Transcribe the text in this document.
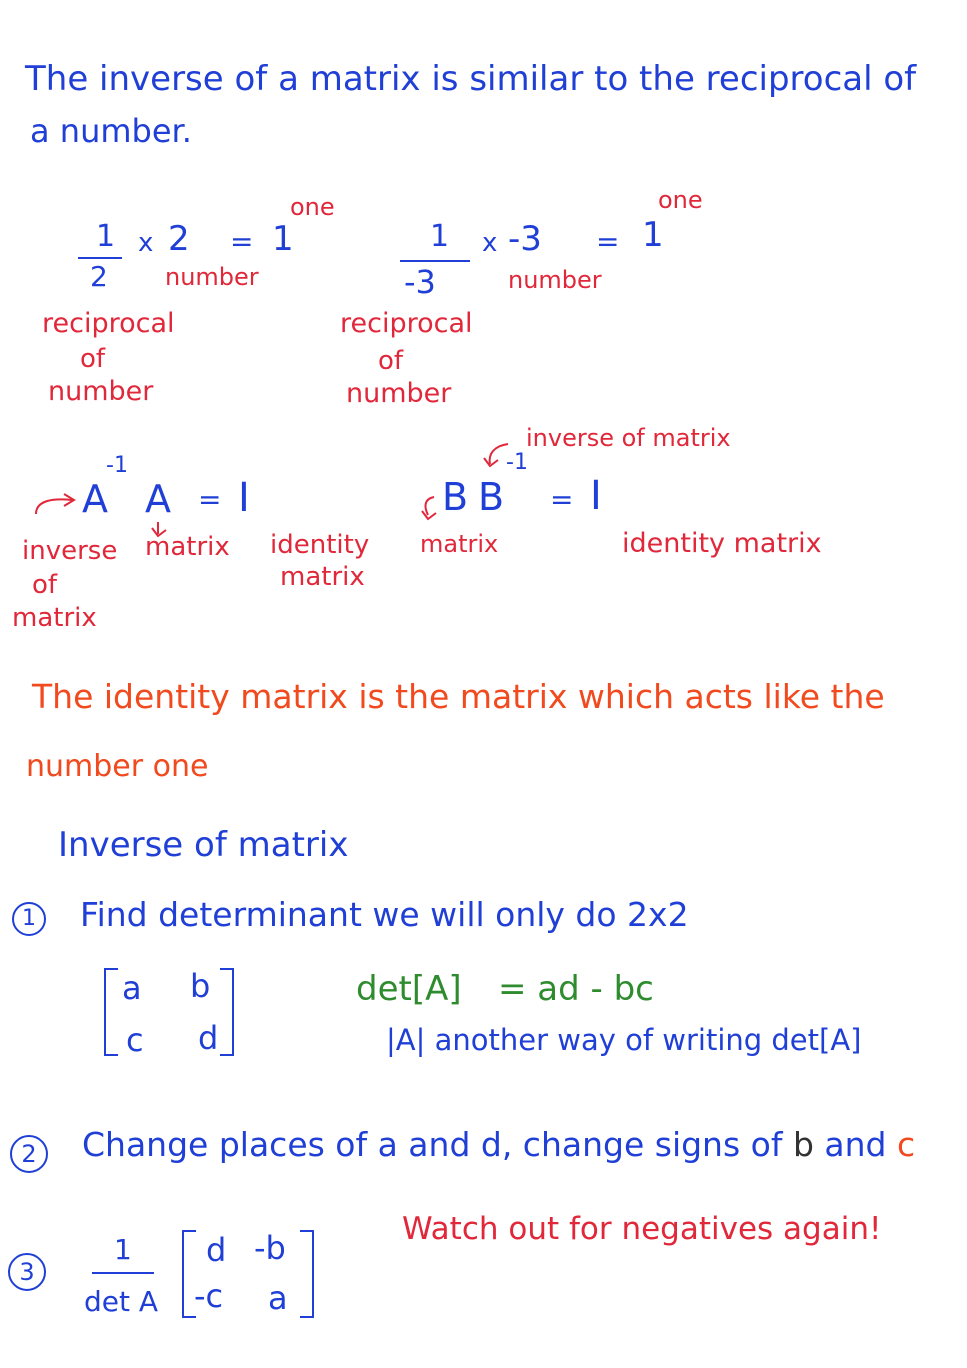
The inverse of a matrix is similar to the reciprocal of
a number.
1
2
x 2 = 1
one
number
reciprocal
of
number
1
-3
x -3 = 1
one
number
reciprocal
of
number
A
-1
A = I
inverse
of
matrix
matrix identity
matrix
inverse of matrix
B B
-1
= I
matrix	identity matrix
The identity matrix is the matrix which acts like the
number one
Inverse of matrix
1	Find determinant we will only do 2x2
a b
c d
det[A] = ad - bc
|A| another way of writing det[A]
2	Change places of a and d, change signs of b and c
3
1
det A
d -b
-c a
Watch out for negatives again!
